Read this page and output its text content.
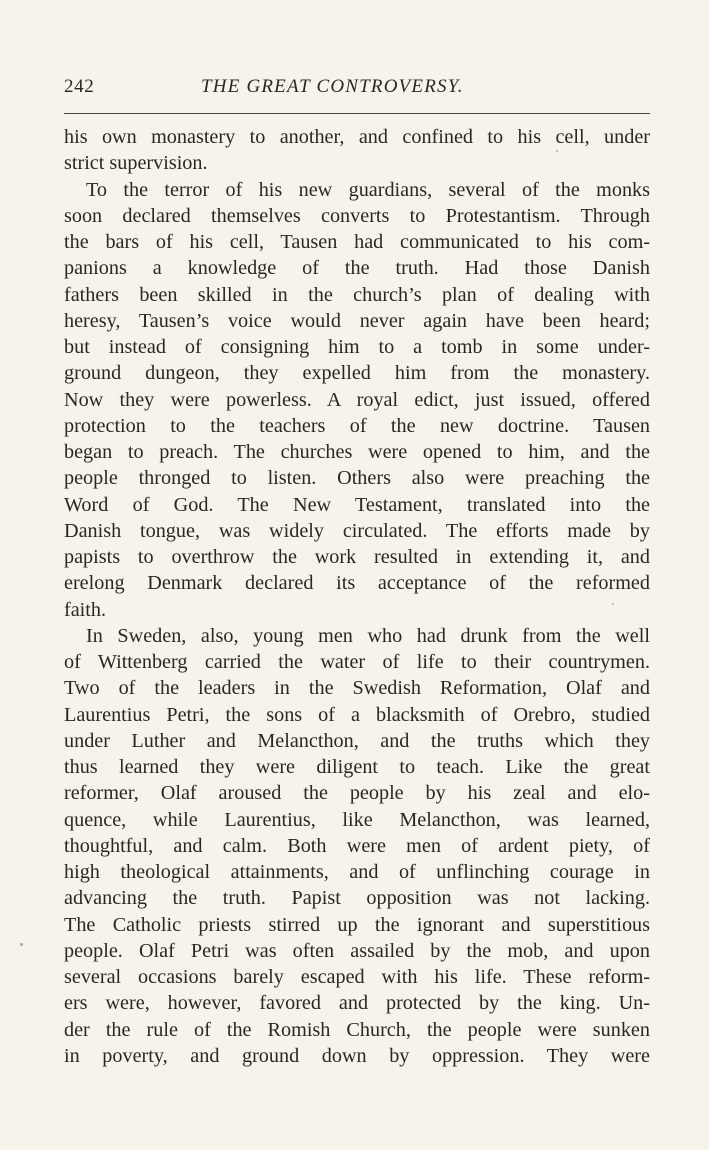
242	THE GREAT CONTROVERSY.
his own monastery to another, and confined to his cell, under
strict supervision.
To the terror of his new guardians, several of the monks
soon declared themselves converts to Protestantism. Through
the bars of his cell, Tausen had communicated to his com-
panions a knowledge of the truth. Had those Danish
fathers been skilled in the church’s plan of dealing with
heresy, Tausen’s voice would never again have been heard;
but instead of consigning him to a tomb in some under-
ground dungeon, they expelled him from the monastery.
Now they were powerless. A royal edict, just issued, offered
protection to the teachers of the new doctrine. Tausen
began to preach. The churches were opened to him, and the
people thronged to listen. Others also were preaching the
Word of God. The New Testament, translated into the
Danish tongue, was widely circulated. The efforts made by
papists to overthrow the work resulted in extending it, and
erelong Denmark declared its acceptance of the reformed
faith.
In Sweden, also, young men who had drunk from the well
of Wittenberg carried the water of life to their countrymen.
Two of the leaders in the Swedish Reformation, Olaf and
Laurentius Petri, the sons of a blacksmith of Orebro, studied
under Luther and Melancthon, and the truths which they
thus learned they were diligent to teach. Like the great
reformer, Olaf aroused the people by his zeal and elo-
quence, while Laurentius, like Melancthon, was learned,
thoughtful, and calm. Both were men of ardent piety, of
high theological attainments, and of unflinching courage in
advancing the truth. Papist opposition was not lacking.
The Catholic priests stirred up the ignorant and superstitious
people. Olaf Petri was often assailed by the mob, and upon
several occasions barely escaped with his life. These reform-
ers were, however, favored and protected by the king. Un-
der the rule of the Romish Church, the people were sunken
in poverty, and ground down by oppression. They were
